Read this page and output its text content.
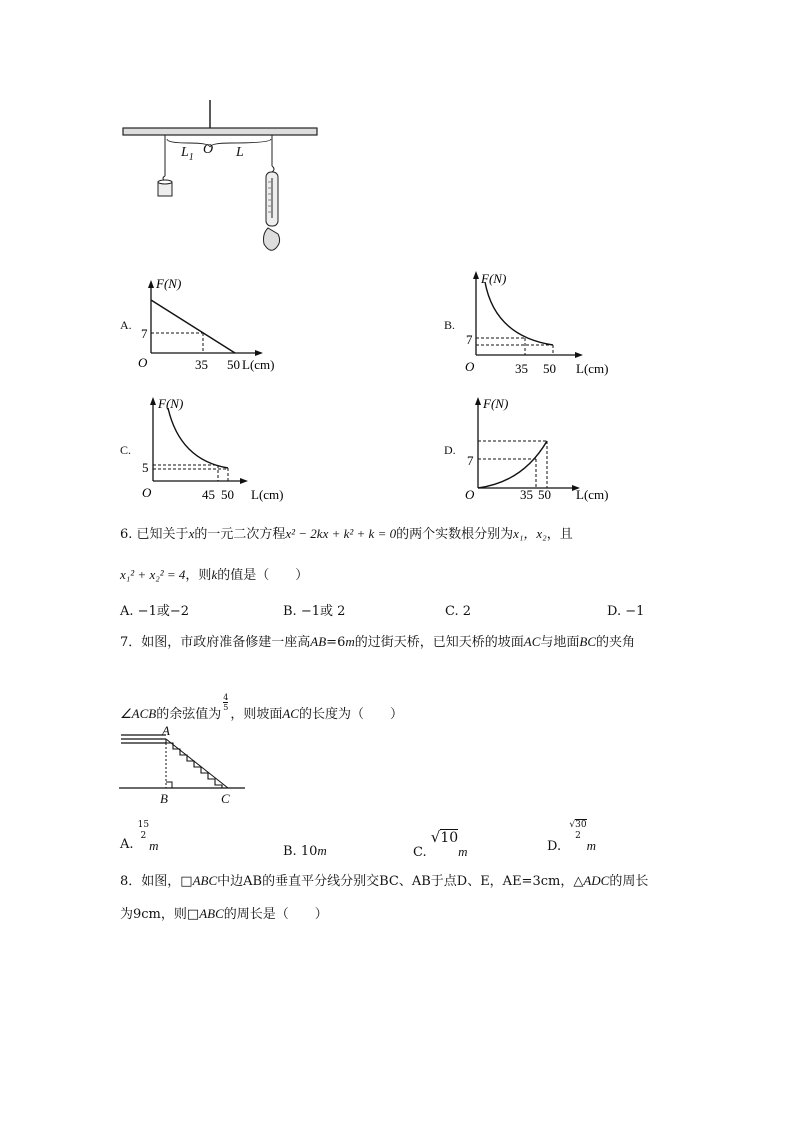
$L_1$
O L
A.
F(N)
7
O	35 50 L(cm)
B.
F(N)
7
O	35 50 L(cm)
C.
F(N)
5
O	45 50 L(cm)
D.
F(N)
7
O	35 50 L(cm)
6. 已知关于x的一元二次方程x² − 2kx + k² + k = 0的两个实数根分别为x₁，x₂，且
x₁² + x₂² = 4，则k的值是（　　）
A. −1或−2	B. −1或 2	C. 2	D. −1
7．如图，市政府准备修建一座高AB=6m的过街天桥，已知天桥的坡面AC与地面BC的夹角
∠ACB的余弦值为
$\frac{4}{5}$
，则坡面AC的长度为（　　）
A
B	C
A.
15
2
m	B. 10m	C. √10m	D.
√30
2
m
8．如图，□ABC中边AB的垂直平分线分别交BC、AB于点D、E，AE=3cm，△ADC的周长
为9cm，则□ABC的周长是（　　）
